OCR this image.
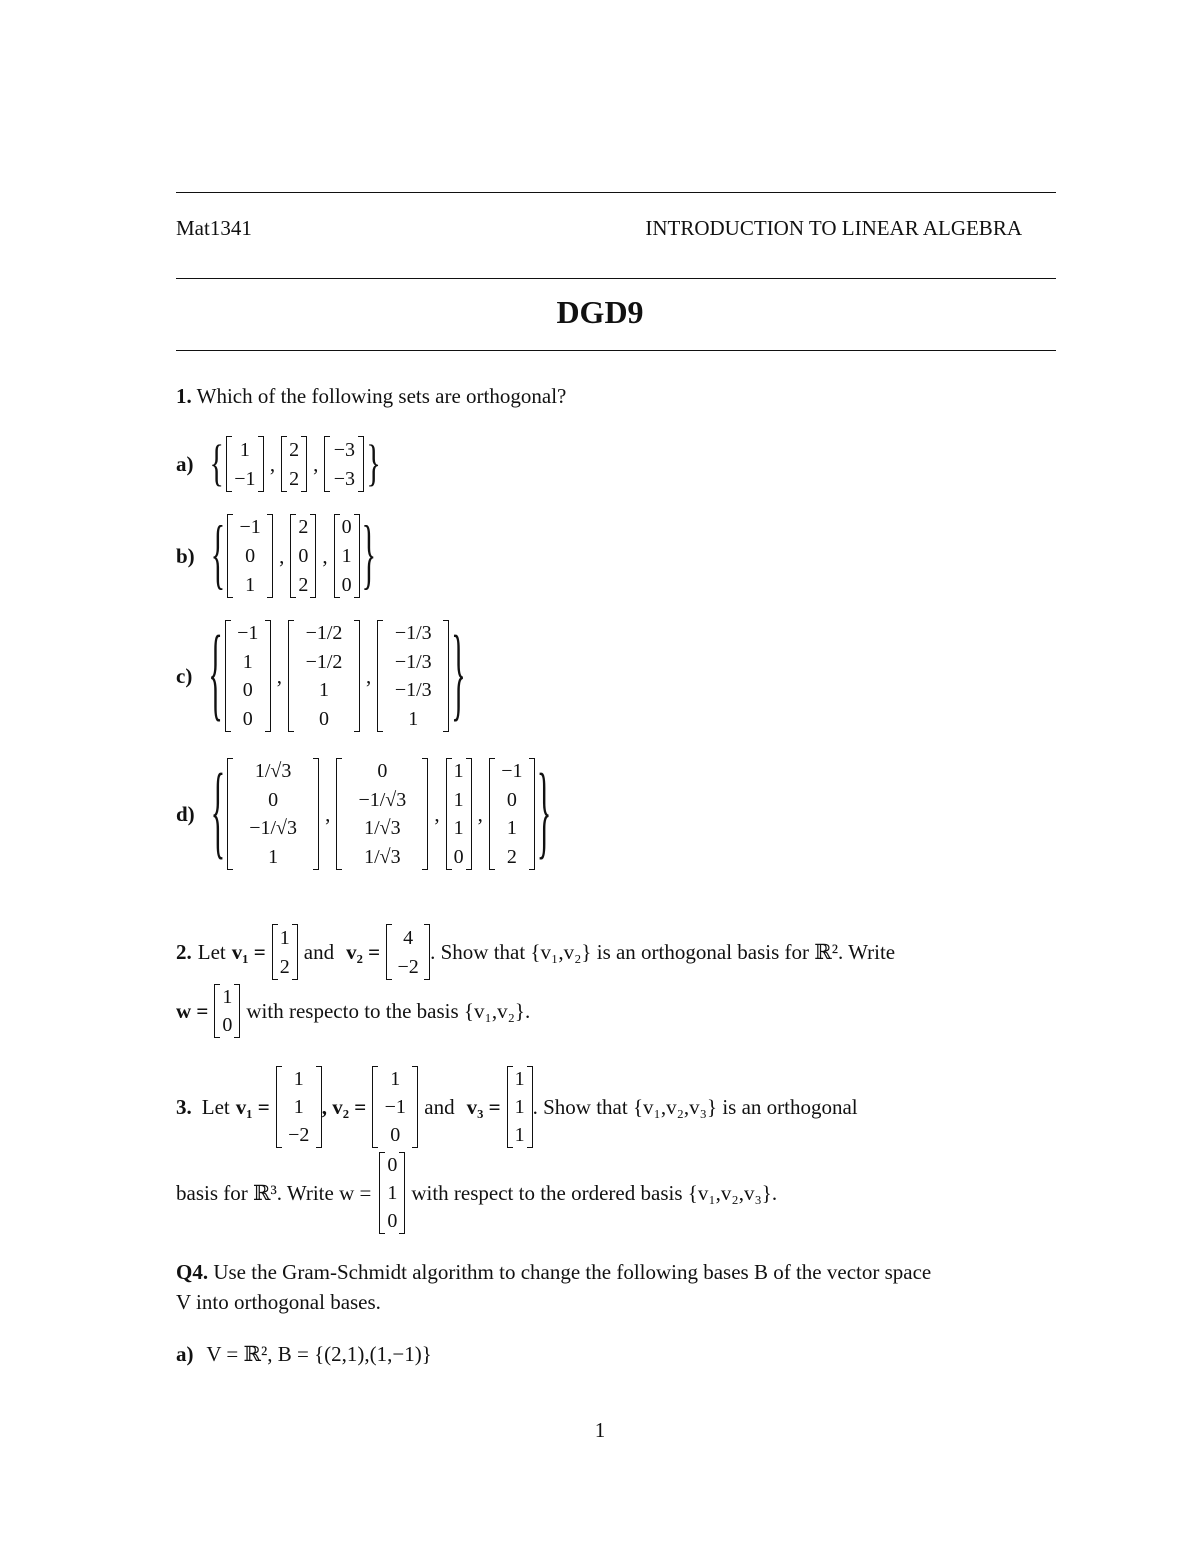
Mat1341	INTRODUCTION TO LINEAR ALGEBRA
DGD9
1. Which of the following sets are orthogonal?
a) { 1
−1
,
2
2
,
−3
−3 }
b) { −1
0
1
,
2
0
2
,
0
1
0 }
c) { −1
1
0
0
,
−1/2
−1/2
1
0
,
−1/3
−1/3
−1/3
1	}
d) {	1/√3
0
−1/√3
1
,
0
−1/√3
1/√3
1/√3
,
1
1
1
0
,
−1
0
1
2 }
2. Let v₁ =
1
2
and v₂ =
4
−2
. Show that {v₁,v₂} is an orthogonal basis for ℝ². Write
w =
1
0
with respecto to the basis {v₁,v₂}.
3. Let v₁ =
1
1
−2
, v₂ =
1
−1
0
and v₃ =
1
1
1
. Show that {v₁,v₂,v₃} is an orthogonal
basis for ℝ³. Write w =
0
1
0
with respect to the ordered basis {v₁,v₂,v₃}.
Q4. Use the Gram-Schmidt algorithm to change the following bases B of the vector space
V into orthogonal bases.
a) V = ℝ², B = {(2,1),(1,−1)}
1
